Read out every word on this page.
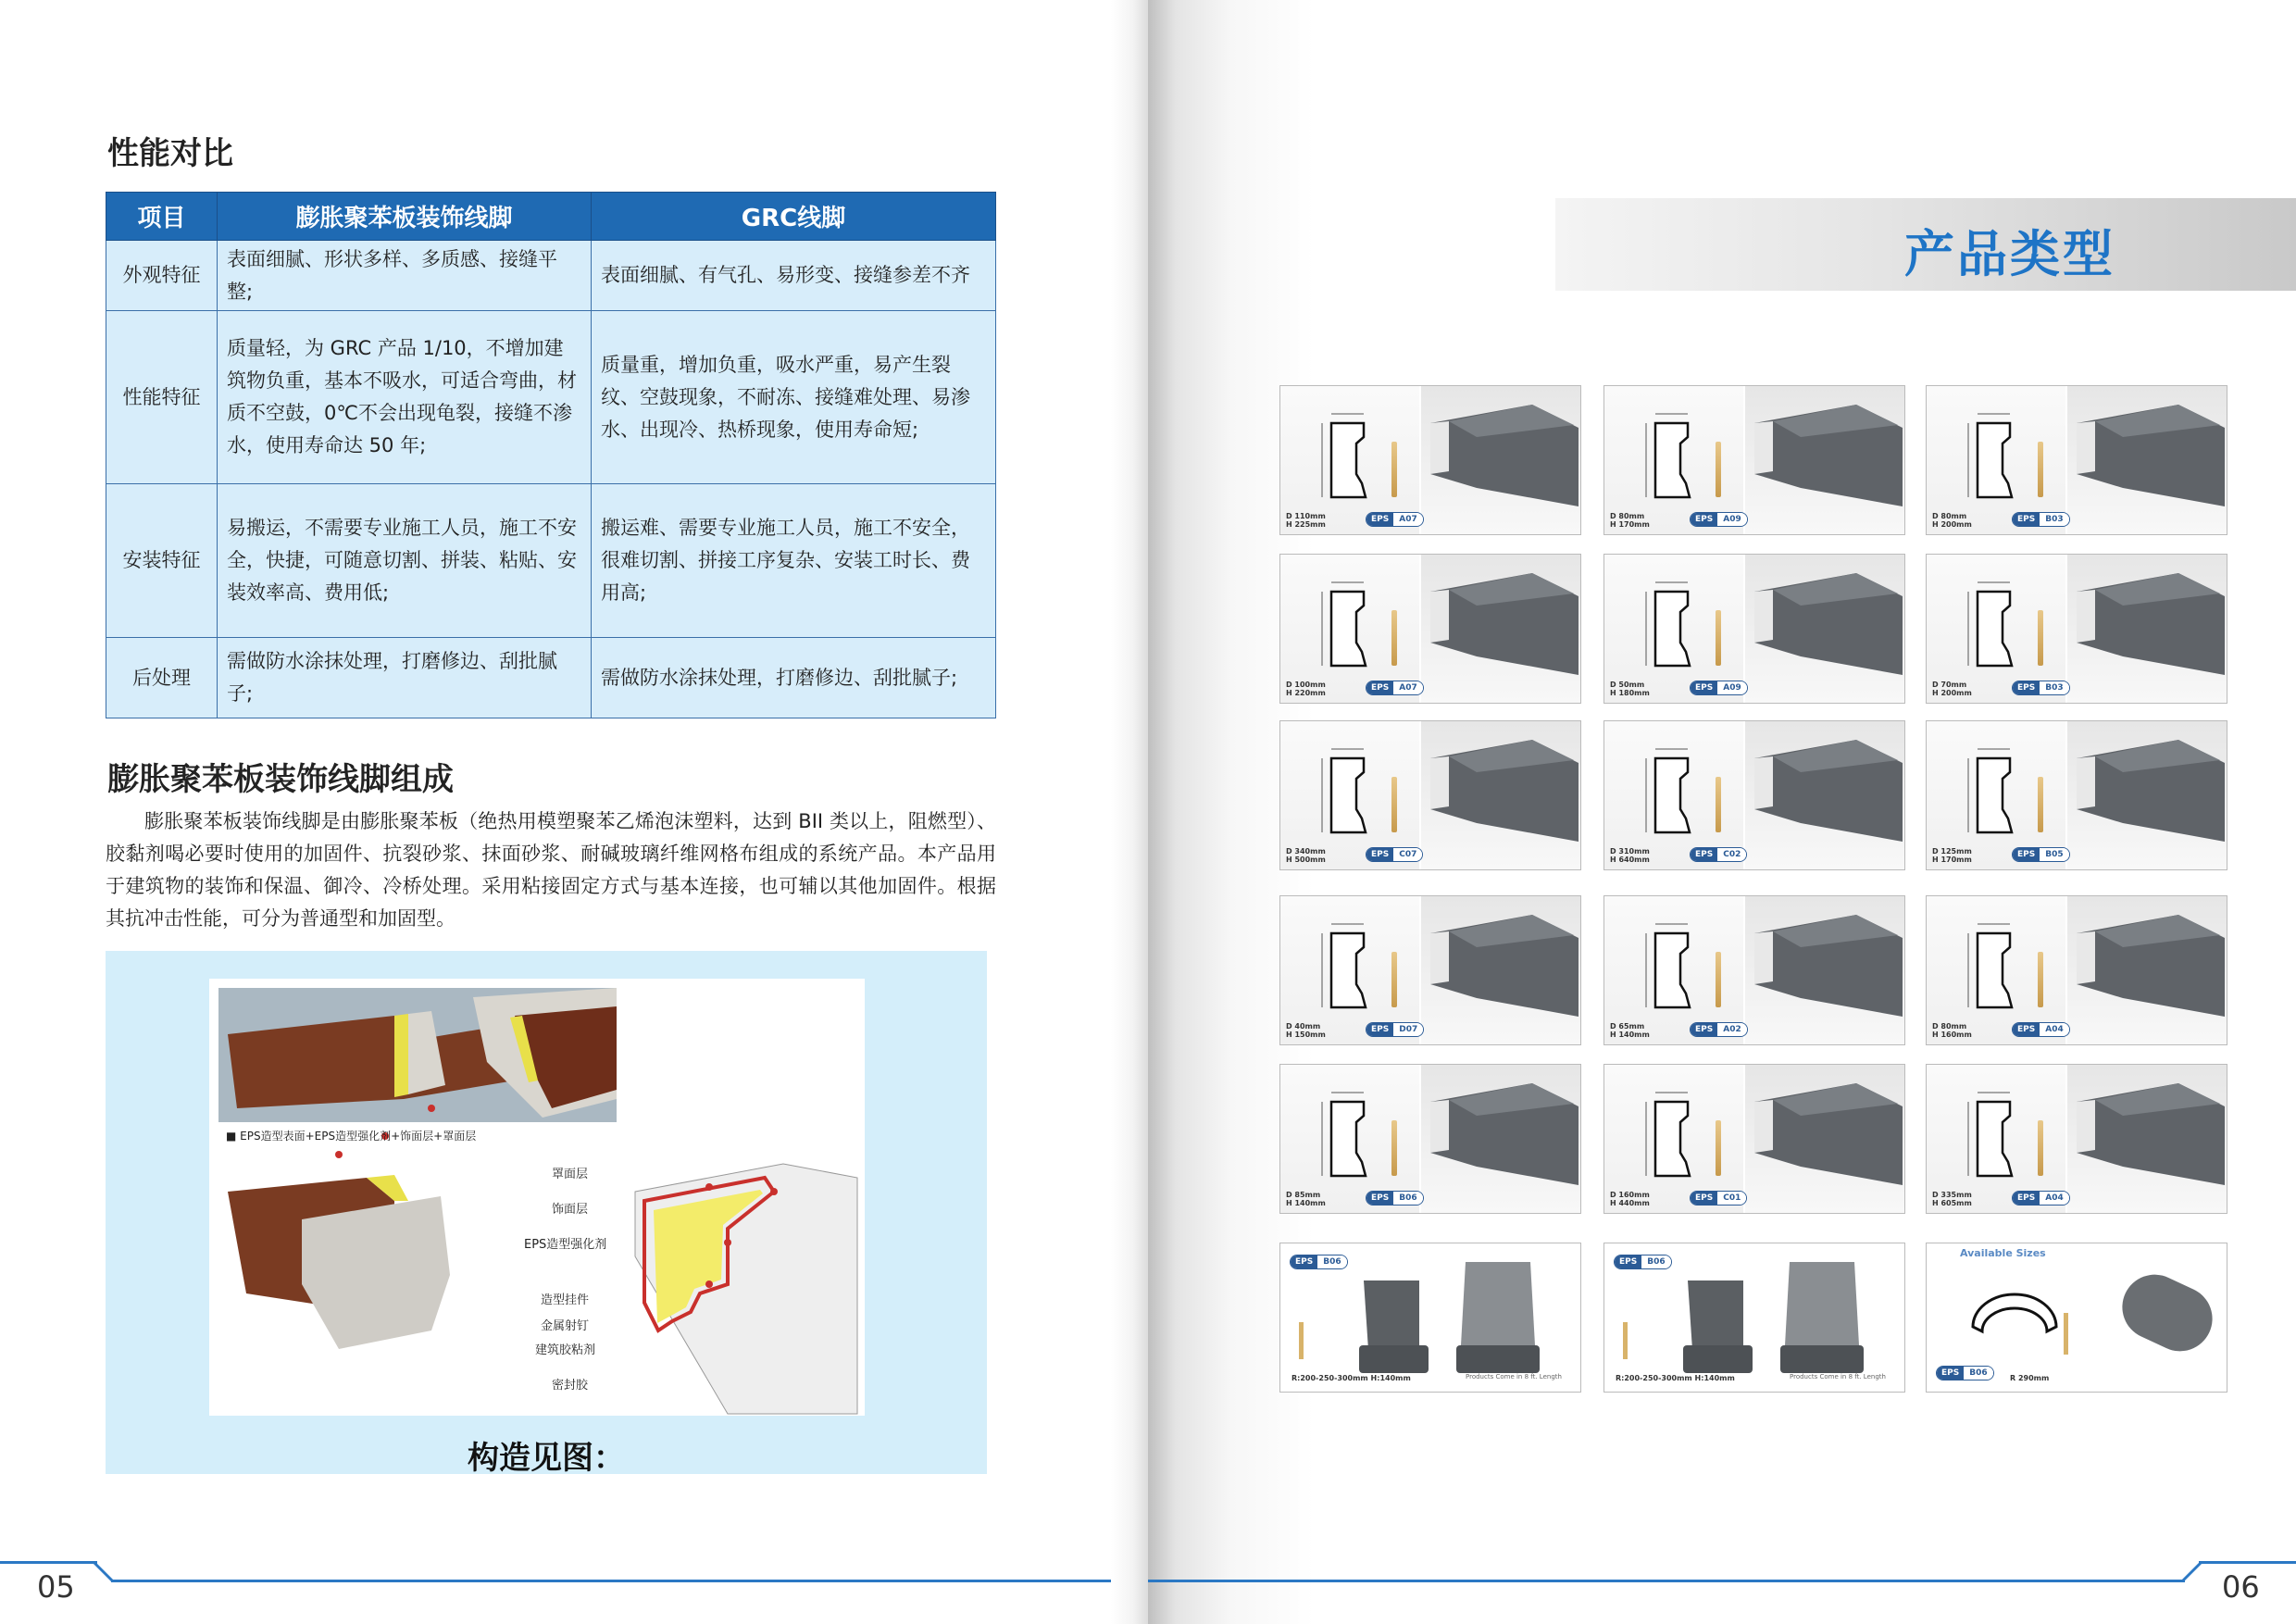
性能对比
项目	膨胀聚苯板装饰线脚	GRC线脚
外观特征	表面细腻、形状多样、多质感、接缝平整;	表面细腻、有气孔、易形变、接缝参差不齐
性能特征	质量轻，为 GRC 产品 1/10，不增加建筑物负重，基本不吸水，可适合弯曲，材质不空鼓，0℃不会出现龟裂，接缝不渗水，使用寿命达 50 年;	质量重，增加负重，吸水严重，易产生裂纹、空鼓现象，不耐冻、接缝难处理、易渗水、出现冷、热桥现象，使用寿命短;
安装特征	易搬运，不需要专业施工人员，施工不安全，快捷，可随意切割、拼装、粘贴、安装效率高、费用低;	搬运难、需要专业施工人员，施工不安全，很难切割、拼接工序复杂、安装工时长、费用高;
后处理	需做防水涂抹处理，打磨修边、刮批腻子;	需做防水涂抹处理，打磨修边、刮批腻子;
膨胀聚苯板装饰线脚组成

膨胀聚苯板装饰线脚是由膨胀聚苯板（绝热用模塑聚苯乙烯泡沫塑料，达到 BII 类以上，阻燃型）、胶黏剂喝必要时使用的加固件、抗裂砂浆、抹面砂浆、耐碱玻璃纤维网格布组成的系统产品。本产品用于建筑物的装饰和保温、御冷、冷桥处理。采用粘接固定方式与基本连接，也可辅以其他加固件。根据其抗冲击性能，可分为普通型和加固型。

■ EPS造型表面+EPS造型强化剂+饰面层+罩面层
罩面层
饰面层
EPS造型强化剂
造型挂件
金属射钉
建筑胶粘剂
密封胶
构造见图：
05
产品类型
06
D 110mm
H 225mm
EPS	A07	D 80mm
H 170mm
EPS	A09	D 80mm
H 200mm
EPS	B03
D 100mm
H 220mm
EPS	A07	D 50mm
H 180mm
EPS	A09	D 70mm
H 200mm
EPS	B03
D 340mm
H 500mm
EPS	C07	D 310mm
H 640mm
EPS	C02	D 125mm
H 170mm
EPS	B05
D 40mm
H 150mm
EPS	D07	D 65mm
H 140mm
EPS	A02	D 80mm
H 160mm
EPS	A04
D 85mm
H 140mm
EPS	B06	D 160mm
H 440mm
EPS	C01	D 335mm
H 605mm
EPS	A04
EPS	B06
R:200-250-300mm H:140mm	Products Come in 8 ft. Length
EPS	B06
R:200-250-300mm H:140mm	Products Come in 8 ft. Length
Available Sizes
EPS	B06
R 290mm
